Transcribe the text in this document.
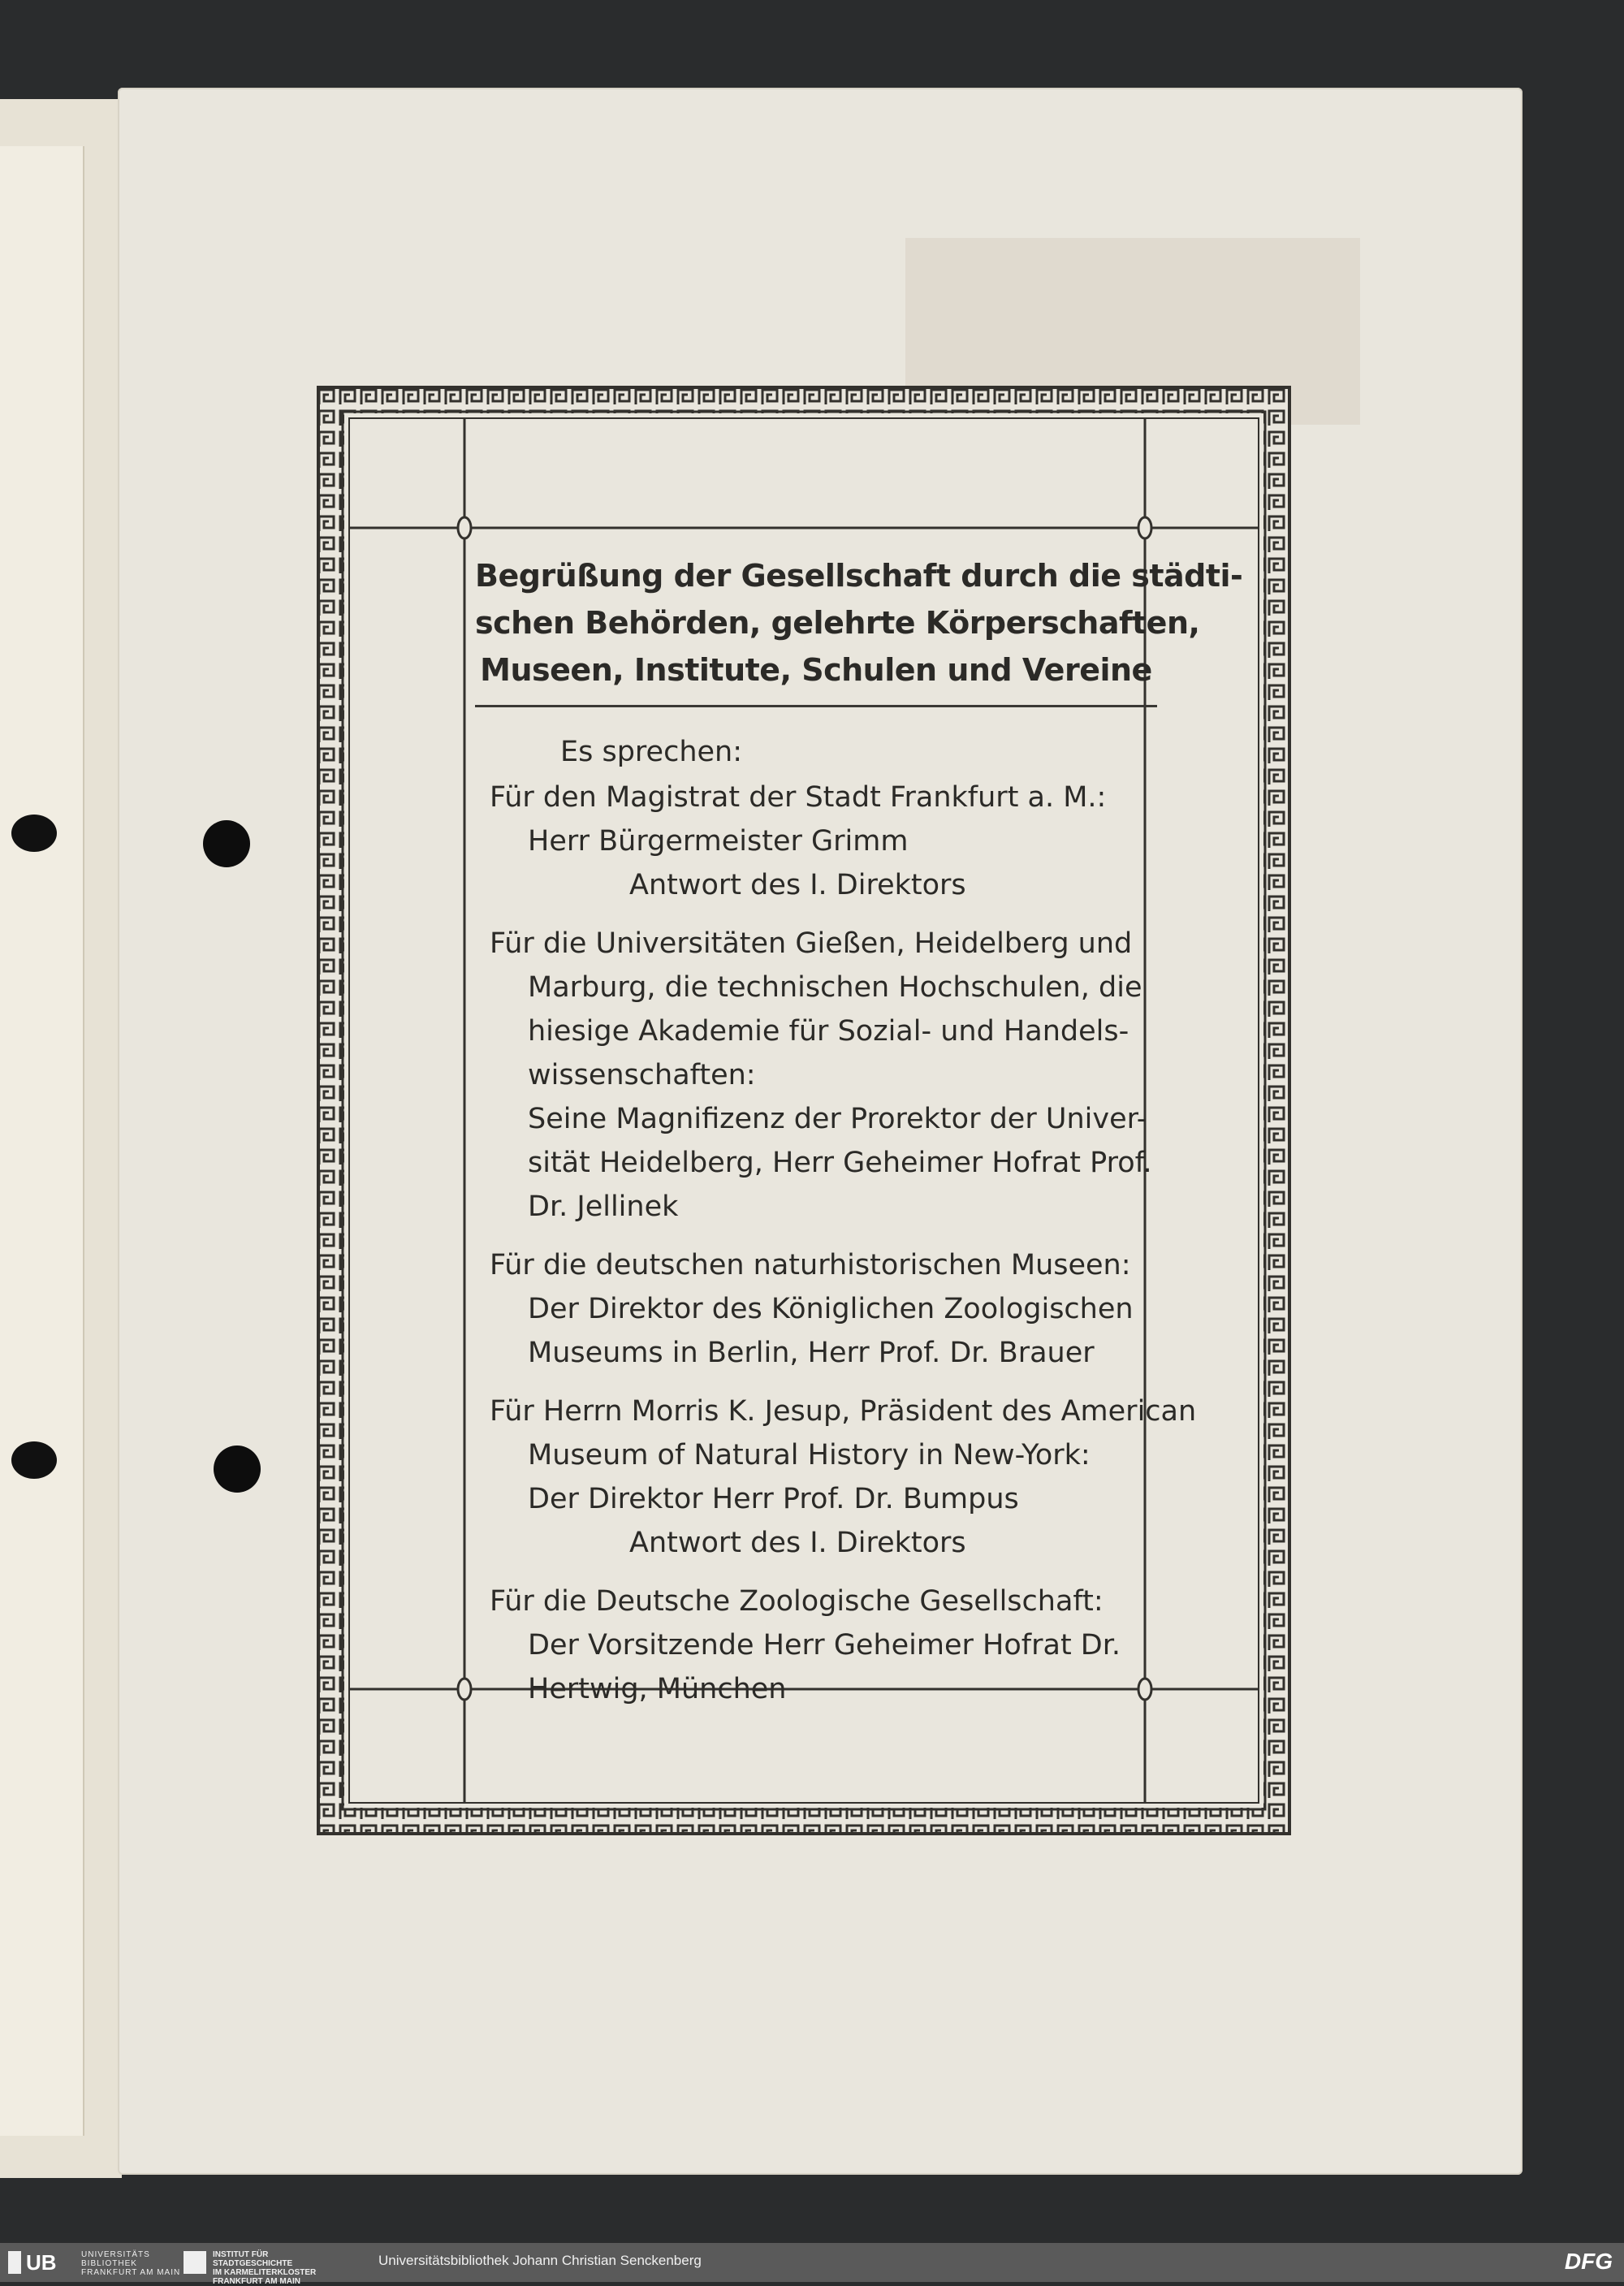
Begrüßung der Gesellschaft durch die städti-
schen Behörden, gelehrte Körperschaften,
Museen, Institute, Schulen und Vereine
Es sprechen:
Für den Magistrat der Stadt Frankfurt a. M.:
Herr Bürgermeister Grimm
Antwort des I. Direktors
Für die Universitäten Gießen, Heidelberg und
Marburg, die technischen Hochschulen, die
hiesige Akademie für Sozial- und Handels-
wissenschaften:
Seine Magnifizenz der Prorektor der Univer-
sität Heidelberg, Herr Geheimer Hofrat Prof.
Dr. Jellinek
Für die deutschen naturhistorischen Museen:
Der Direktor des Königlichen Zoologischen
Museums in Berlin, Herr Prof. Dr. Brauer
Für Herrn Morris K. Jesup, Präsident des American
Museum of Natural History in New-York:
Der Direktor Herr Prof. Dr. Bumpus
Antwort des I. Direktors
Für die Deutsche Zoologische Gesellschaft:
Der Vorsitzende Herr Geheimer Hofrat Dr.
Hertwig, München
UB	UNIVERSITÄTS
BIBLIOTHEK
FRANKFURT AM MAIN
INSTITUT FÜR
STADTGESCHICHTE
IM KARMELITERKLOSTER
FRANKFURT AM MAIN
Universitätsbibliothek Johann Christian Senckenberg	DFG
